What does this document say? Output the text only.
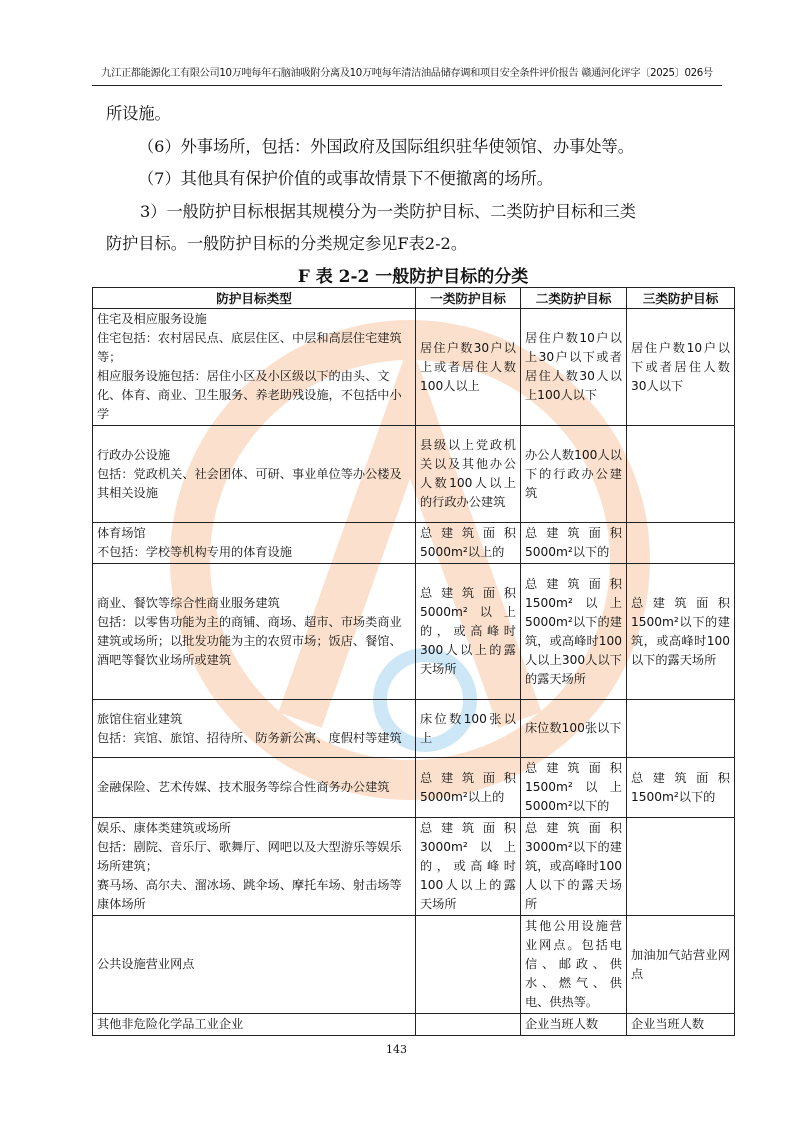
九江正都能源化工有限公司10万吨每年石脑油吸附分离及10万吨每年清洁油品储存调和项目安全条件评价报告 赣通河化评字〔2025〕026号
所设施。
（6）外事场所，包括：外国政府及国际组织驻华使领馆、办事处等。
（7）其他具有保护价值的或事故情景下不便撤离的场所。
3）一般防护目标根据其规模分为一类防护目标、二类防护目标和三类
防护目标。一般防护目标的分类规定参见F表2-2。
F 表 2-2 一般防护目标的分类
防护目标类型	一类防护目标	二类防护目标	三类防护目标

住宅及相应服务设施
住宅包括：农村居民点、底层住区、中层和高层住宅建筑等；
相应服务设施包括：居住小区及小区级以下的由头、文化、体育、商业、卫生服务、养老助残设施，不包括中小学	居住户数30户以上或者居住人数100人以上	居住户数10户以上30户以下或者居住人数30人以上100人以下	居住户数10户以下或者居住人数30人以下

行政办公设施
包括：党政机关、社会团体、可研、事业单位等办公楼及其相关设施	县级以上党政机关以及其他办公人数100人以上的行政办公建筑	办公人数100人以下的行政办公建筑	

体育场馆
不包括：学校等机构专用的体育设施	总建筑面积5000m²以上的	总建筑面积5000m²以下的	

商业、餐饮等综合性商业服务建筑
包括：以零售功能为主的商铺、商场、超市、市场类商业建筑或场所；以批发功能为主的农贸市场；饭店、餐馆、酒吧等餐饮业场所或建筑	总建筑面积5000m²以上的，或高峰时300人以上的露天场所	总建筑面积1500m²以上5000m²以下的建筑，或高峰时100人以上300人以下的露天场所	总建筑面积1500m²以下的建筑，或高峰时100以下的露天场所

旅馆住宿业建筑
包括：宾馆、旅馆、招待所、防务新公寓、度假村等建筑	床位数100张以上	床位数100张以下	

金融保险、艺术传媒、技术服务等综合性商务办公建筑	总建筑面积5000m²以上的	总建筑面积1500m²以上5000m²以下的	总建筑面积1500m²以下的

娱乐、康体类建筑或场所
包括：剧院、音乐厅、歌舞厅、网吧以及大型游乐等娱乐场所建筑；
赛马场、高尔夫、溜冰场、跳伞场、摩托车场、射击场等康体场所	总建筑面积3000m²以上的，或高峰时100人以上的露天场所	总建筑面积3000m²以下的建筑，或高峰时100人以下的露天场所	

公共设施营业网点		其他公用设施营业网点。包括电信、邮政、供水、燃气、供电、供热等。	加油加气站营业网点

其他非危险化学品工业企业		企业当班人数	企业当班人数
143
